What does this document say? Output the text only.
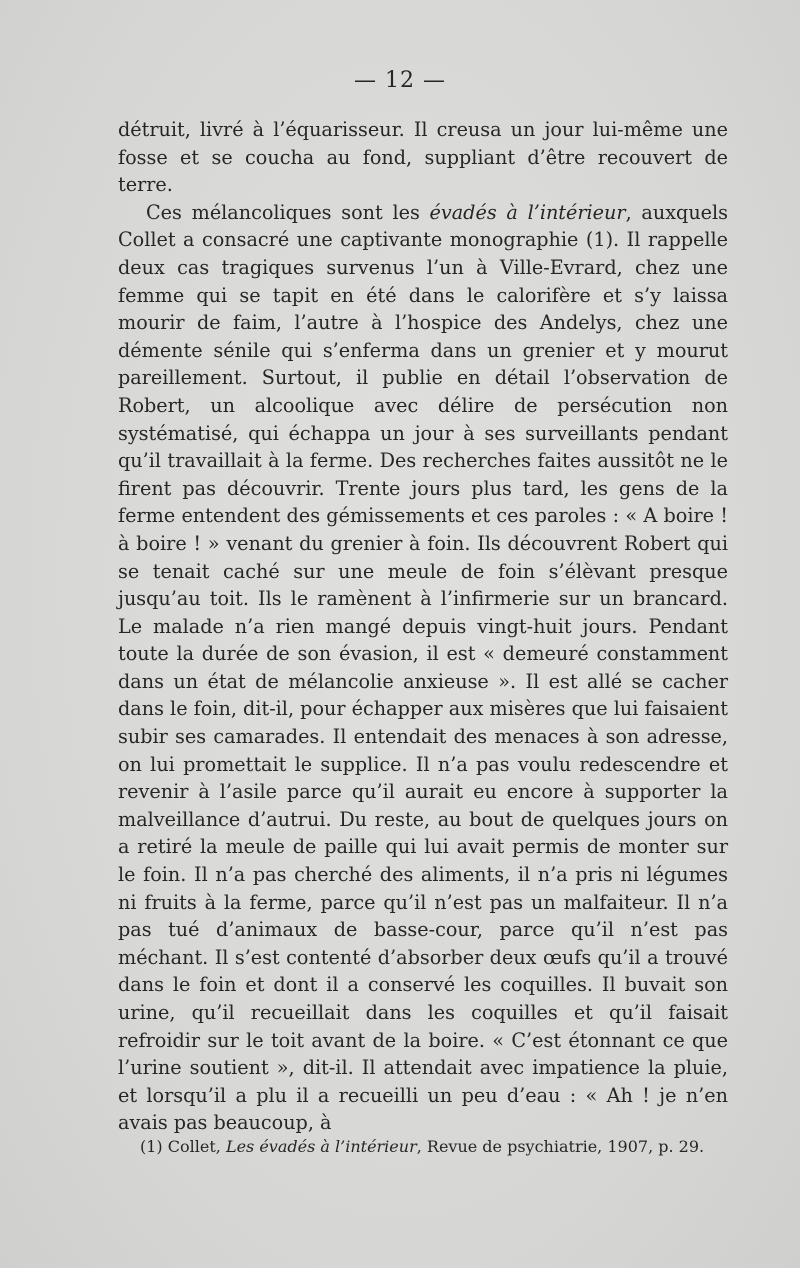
— 12 —

détruit, livré à l’équarisseur. Il creusa un jour lui-même une fosse et se coucha au fond, suppliant d’être recouvert de terre.

Ces mélancoliques sont les évadés à l’intérieur, auxquels Collet a consacré une captivante monographie (1). Il rappelle deux cas tragiques survenus l’un à Ville-Evrard, chez une femme qui se tapit en été dans le calorifère et s’y laissa mourir de faim, l’autre à l’hospice des Andelys, chez une démente sénile qui s’enferma dans un grenier et y mourut pareillement. Surtout, il publie en détail l’observation de Robert, un alcoolique avec délire de persécution non systématisé, qui échappa un jour à ses surveillants pendant qu’il travaillait à la ferme. Des recherches faites aussitôt ne le firent pas découvrir. Trente jours plus tard, les gens de la ferme entendent des gémissements et ces paroles : « A boire ! à boire ! » venant du grenier à foin. Ils découvrent Robert qui se tenait caché sur une meule de foin s’élèvant presque jusqu’au toit. Ils le ramènent à l’infirmerie sur un brancard. Le malade n’a rien mangé depuis vingt-huit jours. Pendant toute la durée de son évasion, il est « demeuré constamment dans un état de mélancolie anxieuse ». Il est allé se cacher dans le foin, dit-il, pour échapper aux misères que lui faisaient subir ses camarades. Il entendait des menaces à son adresse, on lui promettait le supplice. Il n’a pas voulu redescendre et revenir à l’asile parce qu’il aurait eu encore à supporter la malveillance d’autrui. Du reste, au bout de quelques jours on a retiré la meule de paille qui lui avait permis de monter sur le foin. Il n’a pas cherché des aliments, il n’a pris ni légumes ni fruits à la ferme, parce qu’il n’est pas un malfaiteur. Il n’a pas tué d’animaux de basse-cour, parce qu’il n’est pas méchant. Il s’est contenté d’absorber deux œufs qu’il a trouvé dans le foin et dont il a conservé les coquilles. Il buvait son urine, qu’il recueillait dans les coquilles et qu’il faisait refroidir sur le toit avant de la boire. « C’est étonnant ce que l’urine soutient », dit-il. Il attendait avec impatience la pluie, et lorsqu’il a plu il a recueilli un peu d’eau : « Ah ! je n’en avais pas beaucoup, à

(1) Collet, Les évadés à l’intérieur, Revue de psychiatrie, 1907, p. 29.
